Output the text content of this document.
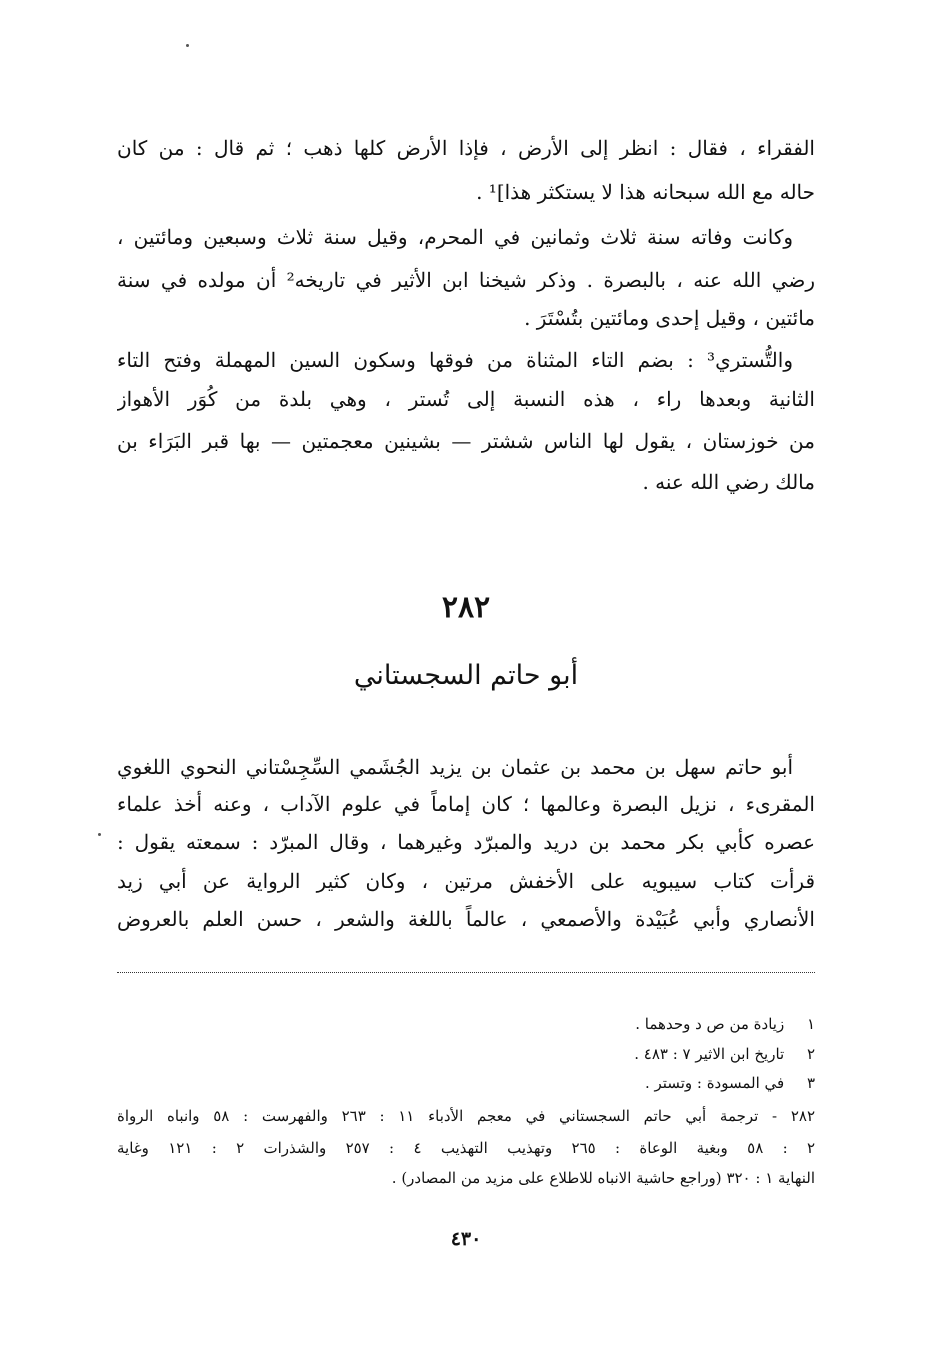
الفقراء ، فقال : انظر إلى الأرض ، فإذا الأرض كلها ذهب ؛ ثم قال : من كان
حاله مع الله سبحانه هذا لا يستكثر هذا]¹ .
وكانت وفاته سنة ثلاث وثمانين في المحرم، وقيل سنة ثلاث وسبعين ومائتين ،
رضي الله عنه ، بالبصرة . وذكر شيخنا ابن الأثير في تاريخه² أن مولده في سنة
مائتين ، وقيل إحدى ومائتين بتُسْتَرَ .
والتُّستري³ : بضم التاء المثناة من فوقها وسكون السين المهملة وفتح التاء
الثانية وبعدها راء ، هذه النسبة إلى تُستر ، وهي بلدة من كُوَر الأهواز
من خوزستان ، يقول لها الناس ششتر — بشينين معجمتين — بها قبر البَرَاء بن
مالك رضي الله عنه .
٢٨٢
أبو حاتم السجستاني
أبو حاتم سهل بن محمد بن عثمان بن يزيد الجُشَمي السِّجِسْتاني النحوي اللغوي
المقرىء ، نزيل البصرة وعالمها ؛ كان إماماً في علوم الآداب ، وعنه أخذ علماء
عصره كأبي بكر محمد بن دريد والمبرّد وغيرهما ، وقال المبرّد : سمعته يقول :
قرأت كتاب سيبويه على الأخفش مرتين ، وكان كثير الرواية عن أبي زيد
الأنصاري وأبي عُبَيْدة والأصمعي ، عالماً باللغة والشعر ، حسن العلم بالعروض
١ زيادة من ص د وحدهما .
٢ تاريخ ابن الاثير ٧ : ٤٨٣ .
٣ في المسودة : وتستر .
٢٨٢ - ترجمة أبي حاتم السجستاني في معجم الأدباء ١١ : ٢٦٣ والفهرست : ٥٨ وانباه الرواة
٢ : ٥٨ وبغية الوعاة : ٢٦٥ وتهذيب التهذيب ٤ : ٢٥٧ والشذرات ٢ : ١٢١ وغاية
النهاية ١ : ٣٢٠ (وراجع حاشية الانباه للاطلاع على مزيد من المصادر) .
٤٣٠
